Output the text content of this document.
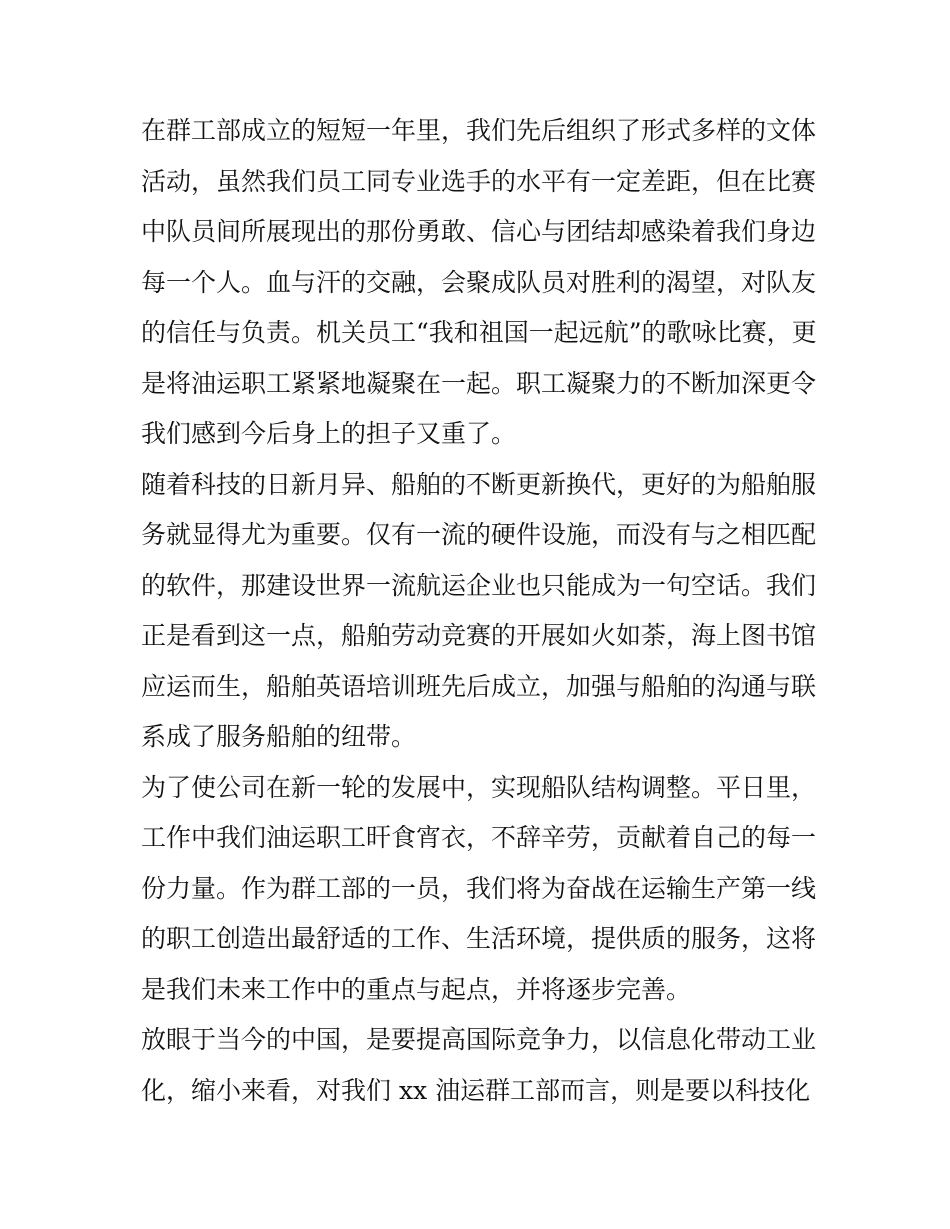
在群工部成立的短短一年里，我们先后组织了形式多样的文体
活动，虽然我们员工同专业选手的水平有一定差距，但在比赛
中队员间所展现出的那份勇敢、信心与团结却感染着我们身边
每一个人。血与汗的交融，会聚成队员对胜利的渴望，对队友
的信任与负责。机关员工“我和祖国一起远航”的歌咏比赛，更
是将油运职工紧紧地凝聚在一起。职工凝聚力的不断加深更令
我们感到今后身上的担子又重了。
随着科技的日新月异、船舶的不断更新换代，更好的为船舶服
务就显得尤为重要。仅有一流的硬件设施，而没有与之相匹配
的软件，那建设世界一流航运企业也只能成为一句空话。我们
正是看到这一点，船舶劳动竞赛的开展如火如荼，海上图书馆
应运而生，船舶英语培训班先后成立，加强与船舶的沟通与联
系成了服务船舶的纽带。
为了使公司在新一轮的发展中，实现船队结构调整。平日里，
工作中我们油运职工旰食宵衣，不辞辛劳，贡献着自己的每一
份力量。作为群工部的一员，我们将为奋战在运输生产第一线
的职工创造出最舒适的工作、生活环境，提供质的服务，这将
是我们未来工作中的重点与起点，并将逐步完善。
放眼于当今的中国，是要提高国际竞争力，以信息化带动工业
化，缩小来看，对我们 xx 油运群工部而言，则是要以科技化
